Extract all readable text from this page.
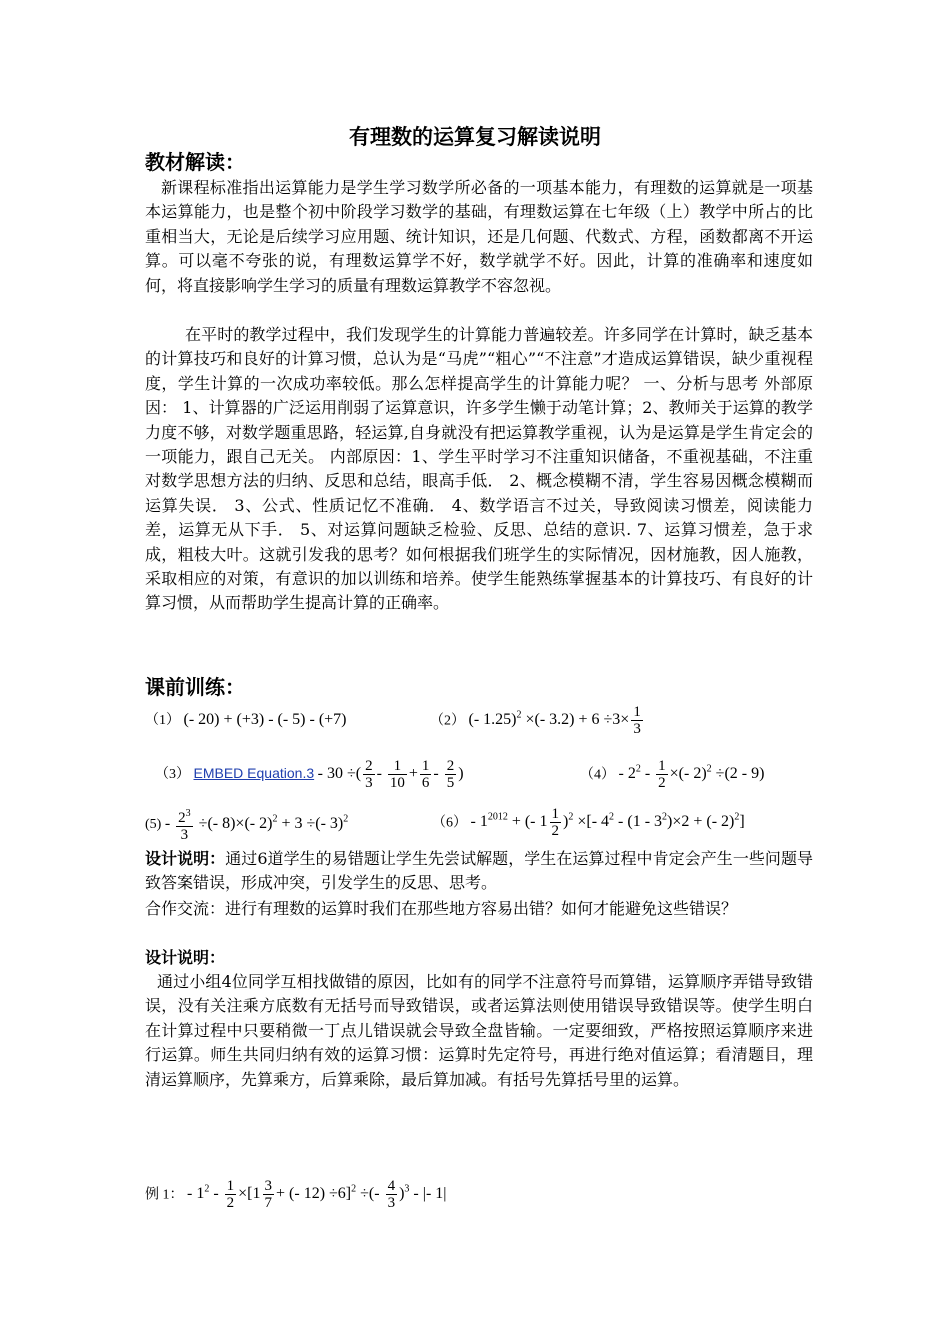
有理数的运算复习解读说明
教材解读：

新课程标准指出运算能力是学生学习数学所必备的一项基本能力，有理数的运算就是一项基本运算能力，也是整个初中阶段学习数学的基础，有理数运算在七年级（上）教学中所占的比重相当大，无论是后续学习应用题、统计知识，还是几何题、代数式、方程，函数都离不开运算。可以毫不夸张的说，有理数运算学不好，数学就学不好。因此，计算的准确率和速度如何，将直接影响学生学习的质量有理数运算教学不容忽视。

在平时的教学过程中，我们发现学生的计算能力普遍较差。许多同学在计算时，缺乏基本的计算技巧和良好的计算习惯，总认为是“马虎”“粗心”“不注意”才造成运算错误，缺少重视程度，学生计算的一次成功率较低。那么怎样提高学生的计算能力呢？ 一、分析与思考 外部原因： 1、计算器的广泛运用削弱了运算意识，许多学生懒于动笔计算；2、教师关于运算的教学力度不够，对数学题重思路，轻运算,自身就没有把运算教学重视，认为是运算是学生肯定会的一项能力，跟自己无关。 内部原因：1、学生平时学习不注重知识储备，不重视基础，不注重对数学思想方法的归纳、反思和总结，眼高手低． 2、概念模糊不清，学生容易因概念模糊而运算失误． 3、公式、性质记忆不准确． 4、数学语言不过关，导致阅读习惯差，阅读能力差，运算无从下手． 5、对运算问题缺乏检验、反思、总结的意识. 7、运算习惯差，急于求成，粗枝大叶。这就引发我的思考？如何根据我们班学生的实际情况，因材施教，因人施教，采取相应的对策，有意识的加以训练和培养。使学生能熟练掌握基本的计算技巧、有良好的计算习惯，从而帮助学生提高计算的正确率。

课前训练：
（1） (- 20) + (+3) - (- 5) - (+7)	（2） (- 1.25)$^2$ ×(- $3.2) + 6 \div 3\times \frac{1}{3}$
（3） EMBED Equation.3 - 30 ÷( $\frac{2}{3} - \frac{1}{10} + \frac{1}{6} - \frac{2}{5}$ )	$(4) - 2^2 - \frac{1}{2}$ ×(- 2)$^2$ ÷(2 - 9)
$(5) - \frac{2^3}{3}$ ÷(- 8)×(- 2)$^2$ + 3 ÷(- 3)$^2$	$(6) - 1^{2012}$ + (- $1 \frac{1}{2} )^2$ ×[- $4^2 - (1 - 3^2)\times 2$ + (- 2)$^2$]

设计说明：通过6道学生的易错题让学生先尝试解题，学生在运算过程中肯定会产生一些问题导致答案错误，形成冲突，引发学生的反思、思考。

合作交流：进行有理数的运算时我们在那些地方容易出错？如何才能避免这些错误？

设计说明：

通过小组4位同学互相找做错的原因，比如有的同学不注意符号而算错，运算顺序弄错导致错误，没有关注乘方底数有无括号而导致错误，或者运算法则使用错误导致错误等。使学生明白在计算过程中只要稍微一丁点儿错误就会导致全盘皆输。一定要细致，严格按照运算顺序来进行运算。师生共同归纳有效的运算习惯：运算时先定符号，再进行绝对值运算；看清题目，理清运算顺序，先算乘方，后算乘除，最后算加减。有括号先算括号里的运算。

例 1： - $1^2 - \frac{1}{2} \times[1 \frac{3}{7}$ + (- 12) ÷6]$^2$ ÷(- $\frac{4}{3} )^3$ - |- 1|
